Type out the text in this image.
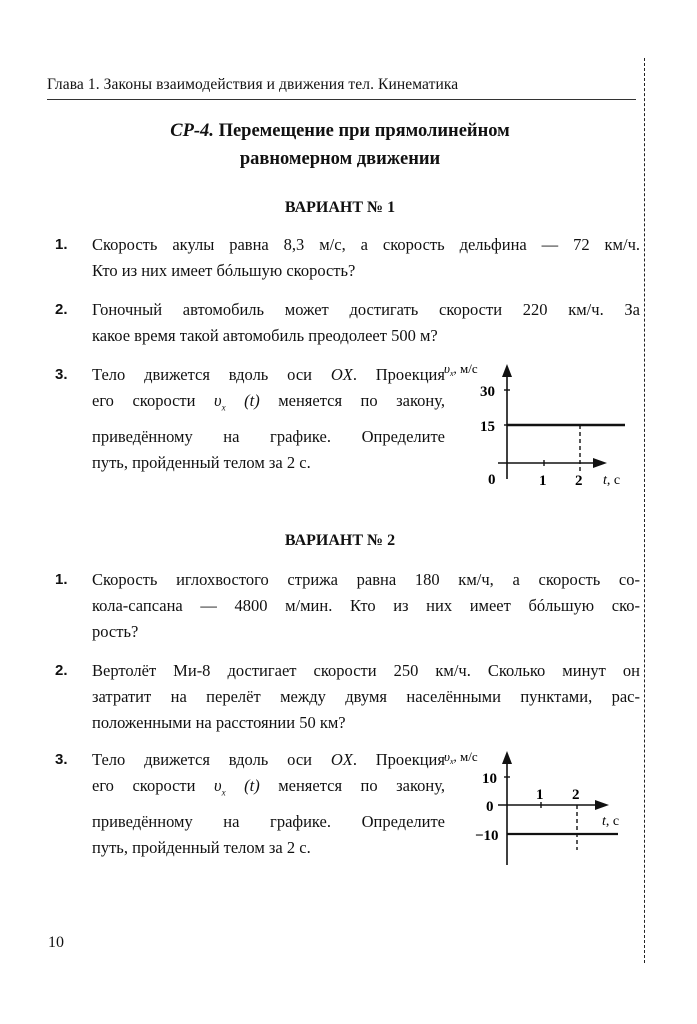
Глава 1. Законы взаимодействия и движения тел. Кинематика
СР-4. Перемещение при прямолинейном
равномерном движении
ВАРИАНТ № 1
1. Скорость акулы равна 8,3 м/с, а скорость дельфина — 72 км/ч.
Кто из них имеет бóльшую скорость?
2. Гоночный автомобиль может достигать скорости 220 км/ч. За
какое время такой автомобиль преодолеет 500 м?
3. Тело движется вдоль оси OX. Проекция
его скорости $\upsilon_x$ (t) меняется по закону,
приведённому на графике. Определите
путь, пройденный телом за 2 с.
$\upsilon_x$, м/с
30
15
0	1 2 t, с
ВАРИАНТ № 2
1. Скорость иглохвостого стрижа равна 180 км/ч, а скорость со-
кола-сапсана — 4800 м/мин. Кто из них имеет бóльшую ско-
рость?
2. Вертолёт Ми-8 достигает скорости 250 км/ч. Сколько минут он
затратит на перелёт между двумя населёнными пунктами, рас-
положенными на расстоянии 50 км?
3. Тело движется вдоль оси OX. Проекция
его скорости $\upsilon_x$ (t) меняется по закону,
приведённому на графике. Определите
путь, пройденный телом за 2 с.
$\upsilon_x$, м/с
10
0
−10
1 2
t, с
10
